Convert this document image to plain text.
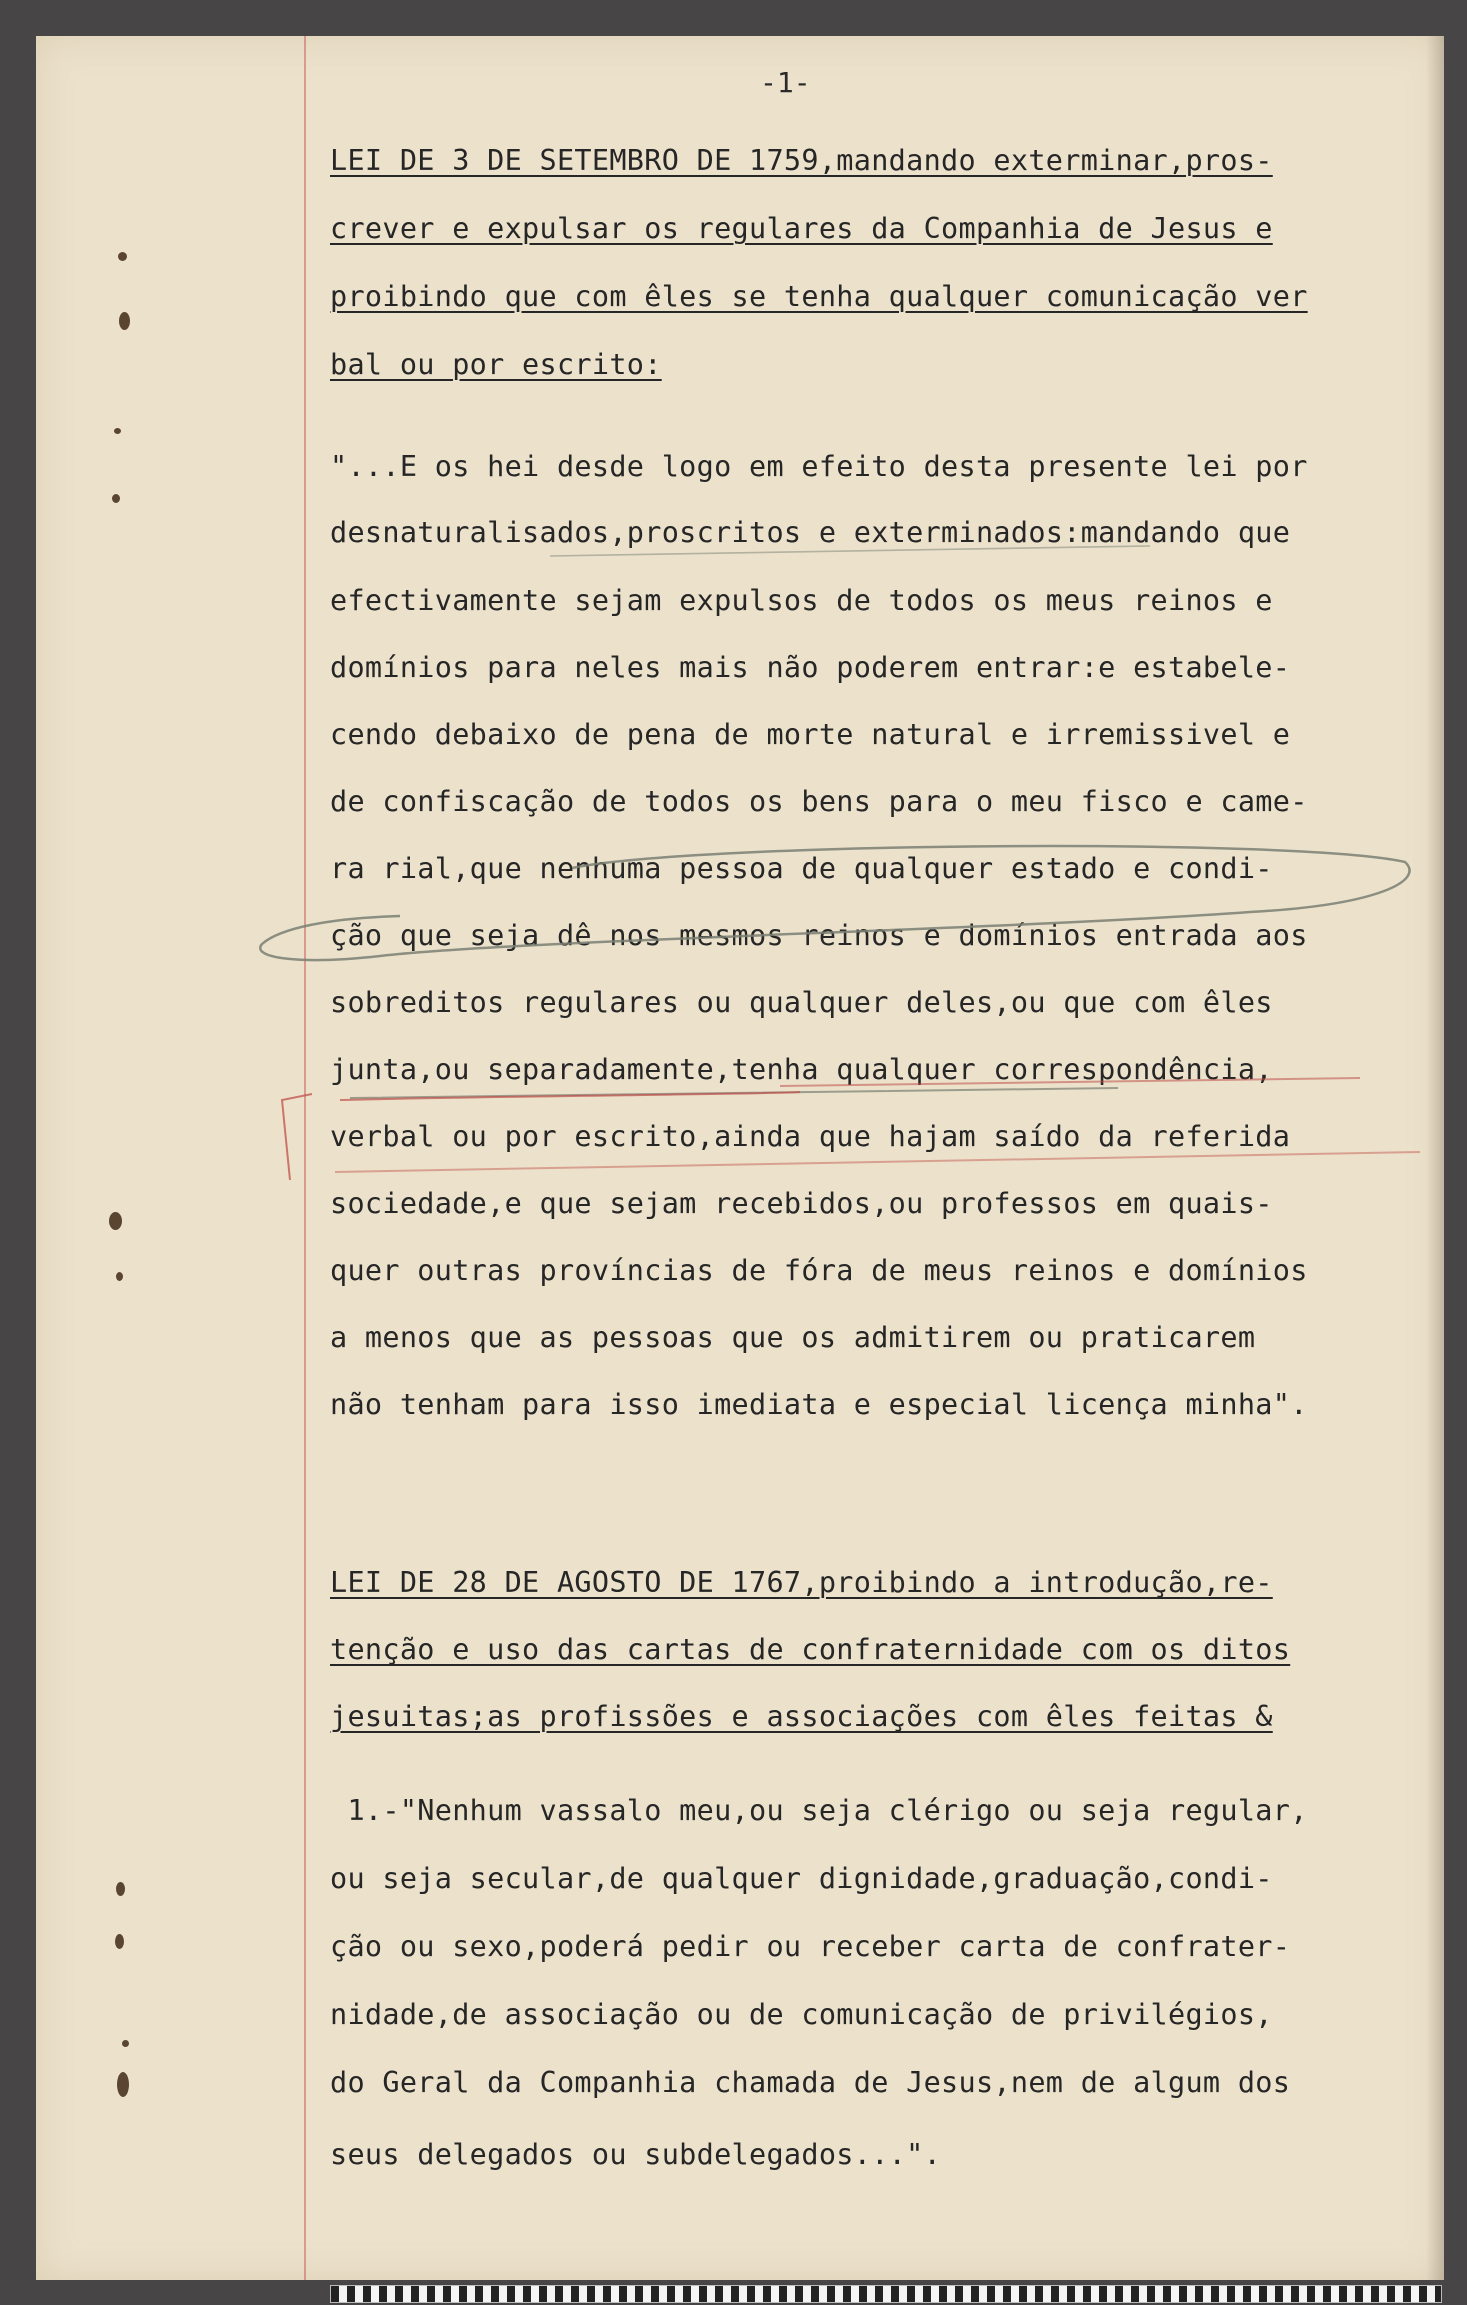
-1-
LEI DE 3 DE SETEMBRO DE 1759,mandando exterminar,pros-
crever e expulsar os regulares da Companhia de Jesus e
proibindo que com êles se tenha qualquer comunicação ver
bal ou por escrito:
"...E os hei desde logo em efeito desta presente lei por
desnaturalisados,proscritos e exterminados:mandando que
efectivamente sejam expulsos de todos os meus reinos e
domínios para neles mais não poderem entrar:e estabele-
cendo debaixo de pena de morte natural e irremissivel e
de confiscação de todos os bens para o meu fisco e came-
ra rial,que nenhuma pessoa de qualquer estado e condi-
ção que seja dê nos mesmos reinos e domínios entrada aos
sobreditos regulares ou qualquer deles,ou que com êles
junta,ou separadamente,tenha qualquer correspondência,
verbal ou por escrito,ainda que hajam saído da referida
sociedade,e que sejam recebidos,ou professos em quais-
quer outras províncias de fóra de meus reinos e domínios
a menos que as pessoas que os admitirem ou praticarem
não tenham para isso imediata e especial licença minha".
LEI DE 28 DE AGOSTO DE 1767,proibindo a introdução,re-
tenção e uso das cartas de confraternidade com os ditos
jesuitas;as profissões e associações com êles feitas &
1.-"Nenhum vassalo meu,ou seja clérigo ou seja regular,
ou seja secular,de qualquer dignidade,graduação,condi-
ção ou sexo,poderá pedir ou receber carta de confrater-
nidade,de associação ou de comunicação de privilégios,
do Geral da Companhia chamada de Jesus,nem de algum dos
seus delegados ou subdelegados...".
